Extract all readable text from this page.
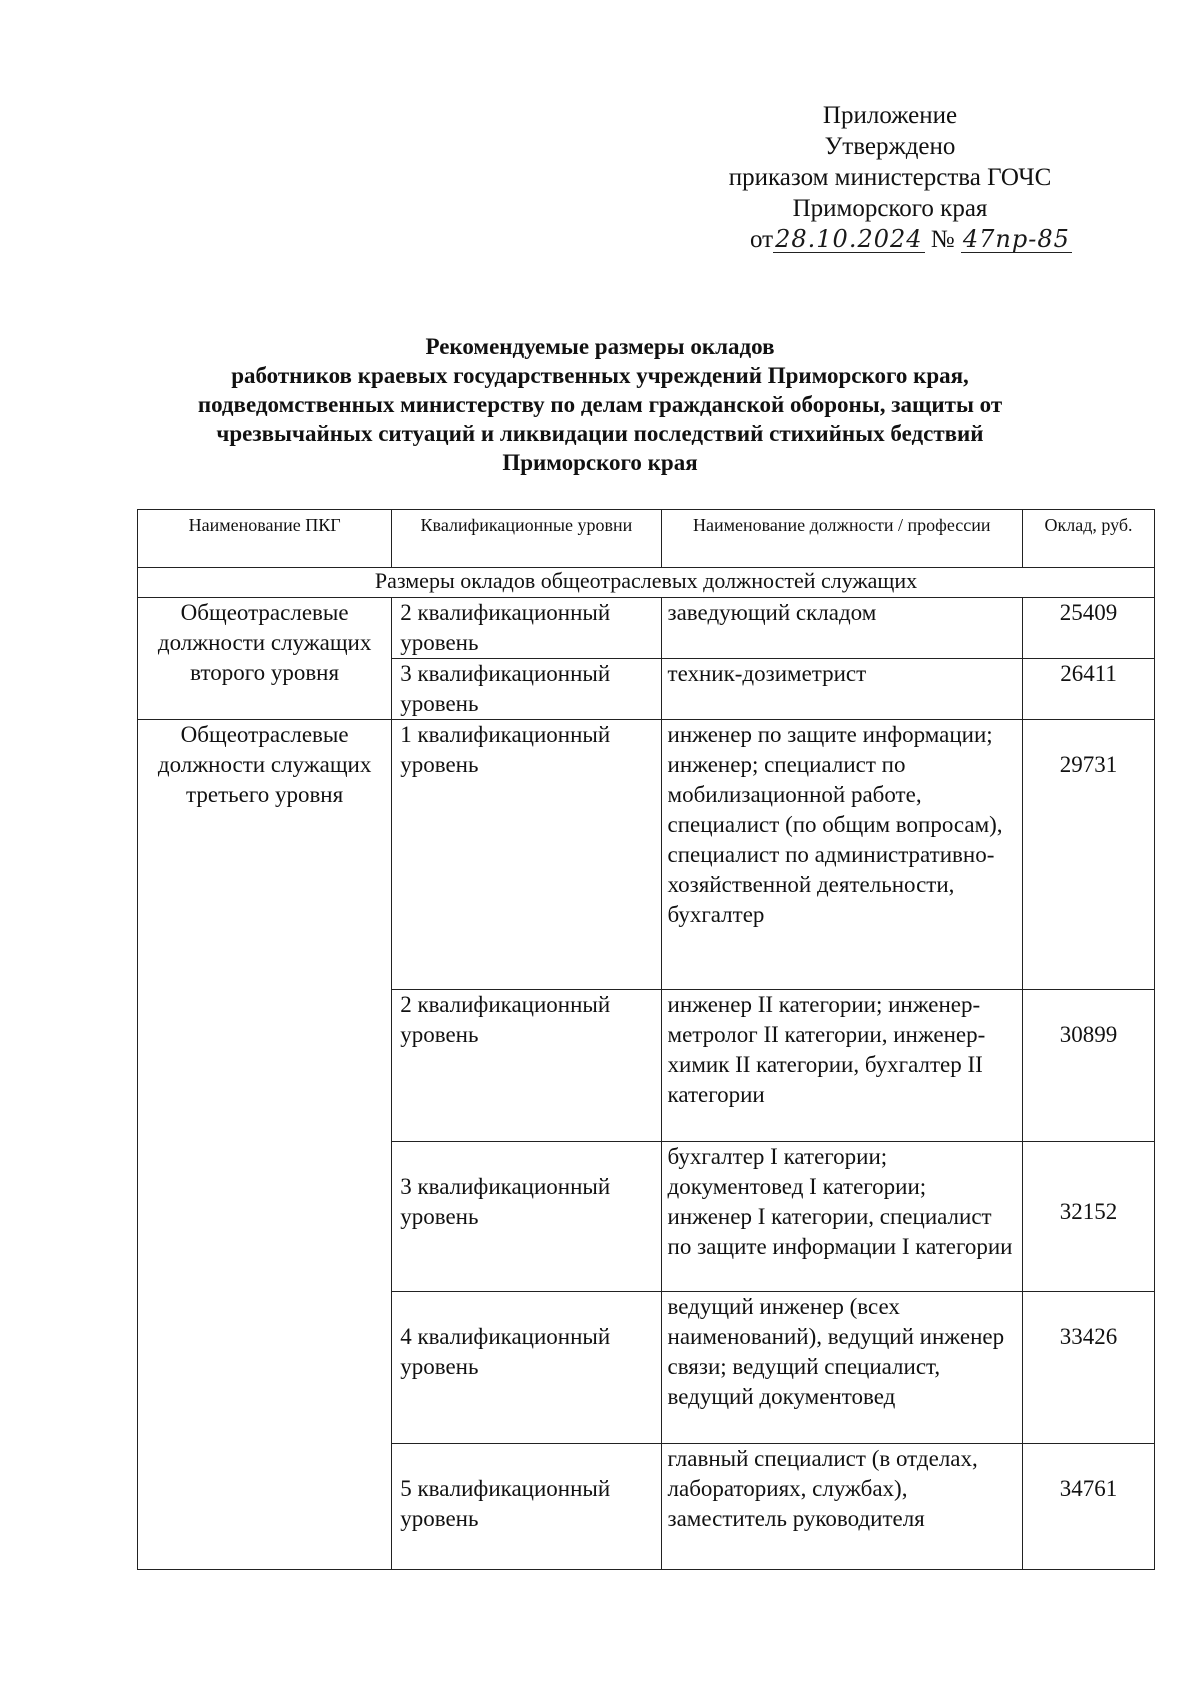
Приложение
Утверждено
приказом министерства ГОЧС
Приморского края
от28.10.2024 № 47пр-85
Рекомендуемые размеры окладов
работников краевых государственных учреждений Приморского края,
подведомственных министерству по делам гражданской обороны, защиты от
чрезвычайных ситуаций и ликвидации последствий стихийных бедствий
Приморского края
Наименование ПКГ	Квалификационные уровни	Наименование должности / профессии	Оклад, руб.
Размеры окладов общеотраслевых должностей служащих			
Общеотраслевые должности служащих второго уровня	2 квалификационный уровень	заведующий складом	25409
	3 квалификационный уровень	техник-дозиметрист	26411
Общеотраслевые должности служащих третьего уровня	1 квалификационный уровень	инженер по защите информации; инженер; специалист по мобилизационной работе, специалист (по общим вопросам), специалист по административно-хозяйственной деятельности, бухгалтер	29731
	2 квалификационный уровень	инженер II категории; инженер-метролог II категории, инженер-химик II категории, бухгалтер II категории	30899
	3 квалификационный уровень	бухгалтер I категории; документовед I категории; инженер I категории, специалист по защите информации I категории	32152
	4 квалификационный уровень	ведущий инженер (всех наименований), ведущий инженер связи; ведущий специалист, ведущий документовед	33426
	5 квалификационный уровень	главный специалист (в отделах, лабораториях, службах), заместитель руководителя	34761
